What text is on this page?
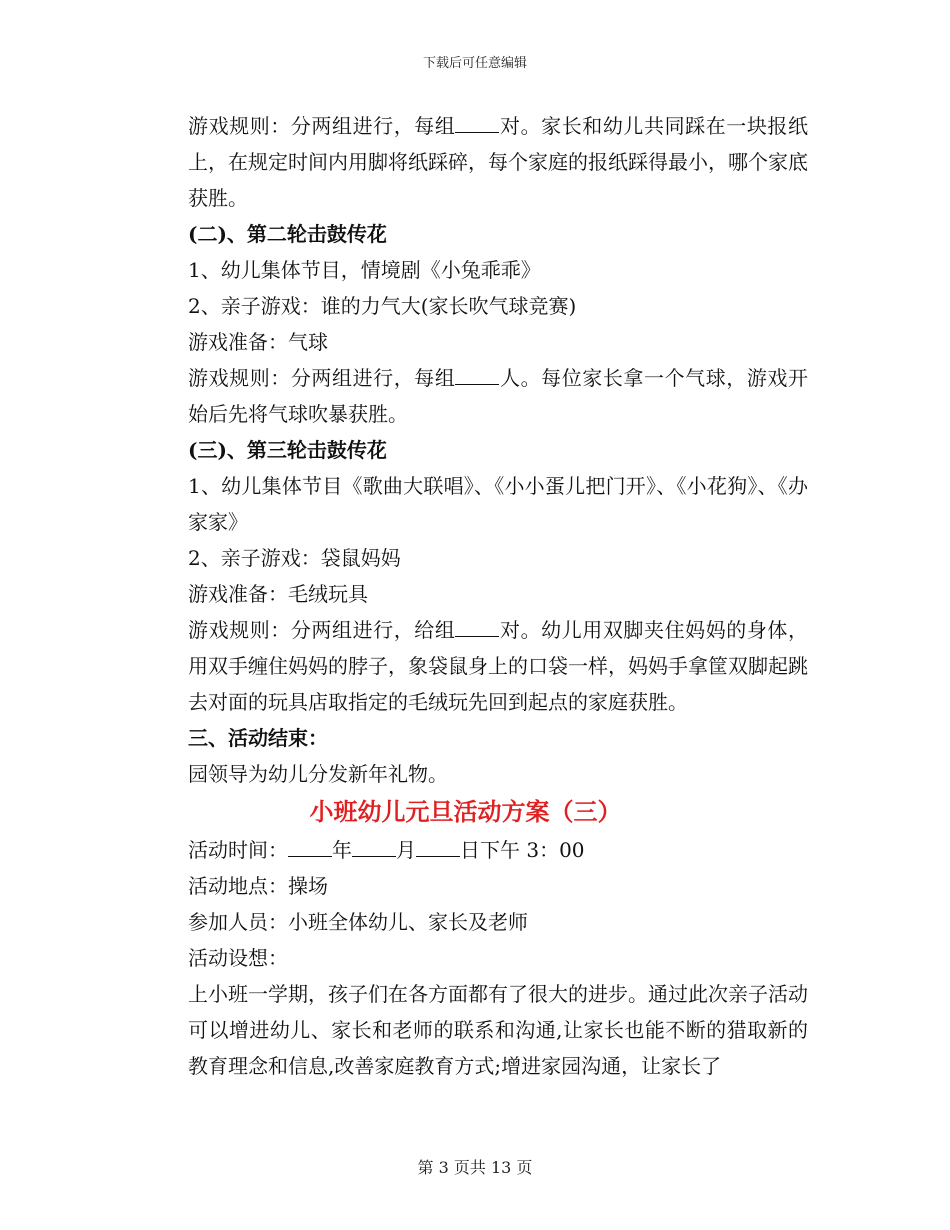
下载后可任意编辑
游戏规则：分两组进行，每组 对。家长和幼儿共同踩在一块报纸上，在规定时间内用脚将纸踩碎，每个家庭的报纸踩得最小，哪个家底获胜。
(二)、第二轮击鼓传花
1、幼儿集体节目，情境剧《小兔乖乖》
2、亲子游戏：谁的力气大(家长吹气球竞赛)
游戏准备：气球
游戏规则：分两组进行，每组 人。每位家长拿一个气球，游戏开始后先将气球吹暴获胜。
(三)、第三轮击鼓传花
1、幼儿集体节目《歌曲大联唱》、《小小蛋儿把门开》、《小花狗》、《办家家》
2、亲子游戏：袋鼠妈妈
游戏准备：毛绒玩具
游戏规则：分两组进行，给组 对。幼儿用双脚夹住妈妈的身体，用双手缠住妈妈的脖子，象袋鼠身上的口袋一样，妈妈手拿筐双脚起跳去对面的玩具店取指定的毛绒玩先回到起点的家庭获胜。
三、活动结束：
园领导为幼儿分发新年礼物。
小班幼儿元旦活动方案（三）
活动时间： 年 月 日下午 3：00
活动地点：操场
参加人员：小班全体幼儿、家长及老师
活动设想：
上小班一学期，孩子们在各方面都有了很大的进步。通过此次亲子活动可以增进幼儿、家长和老师的联系和沟通,让家长也能不断的猎取新的教育理念和信息,改善家庭教育方式;增进家园沟通，让家长了
第 3 页共 13 页
